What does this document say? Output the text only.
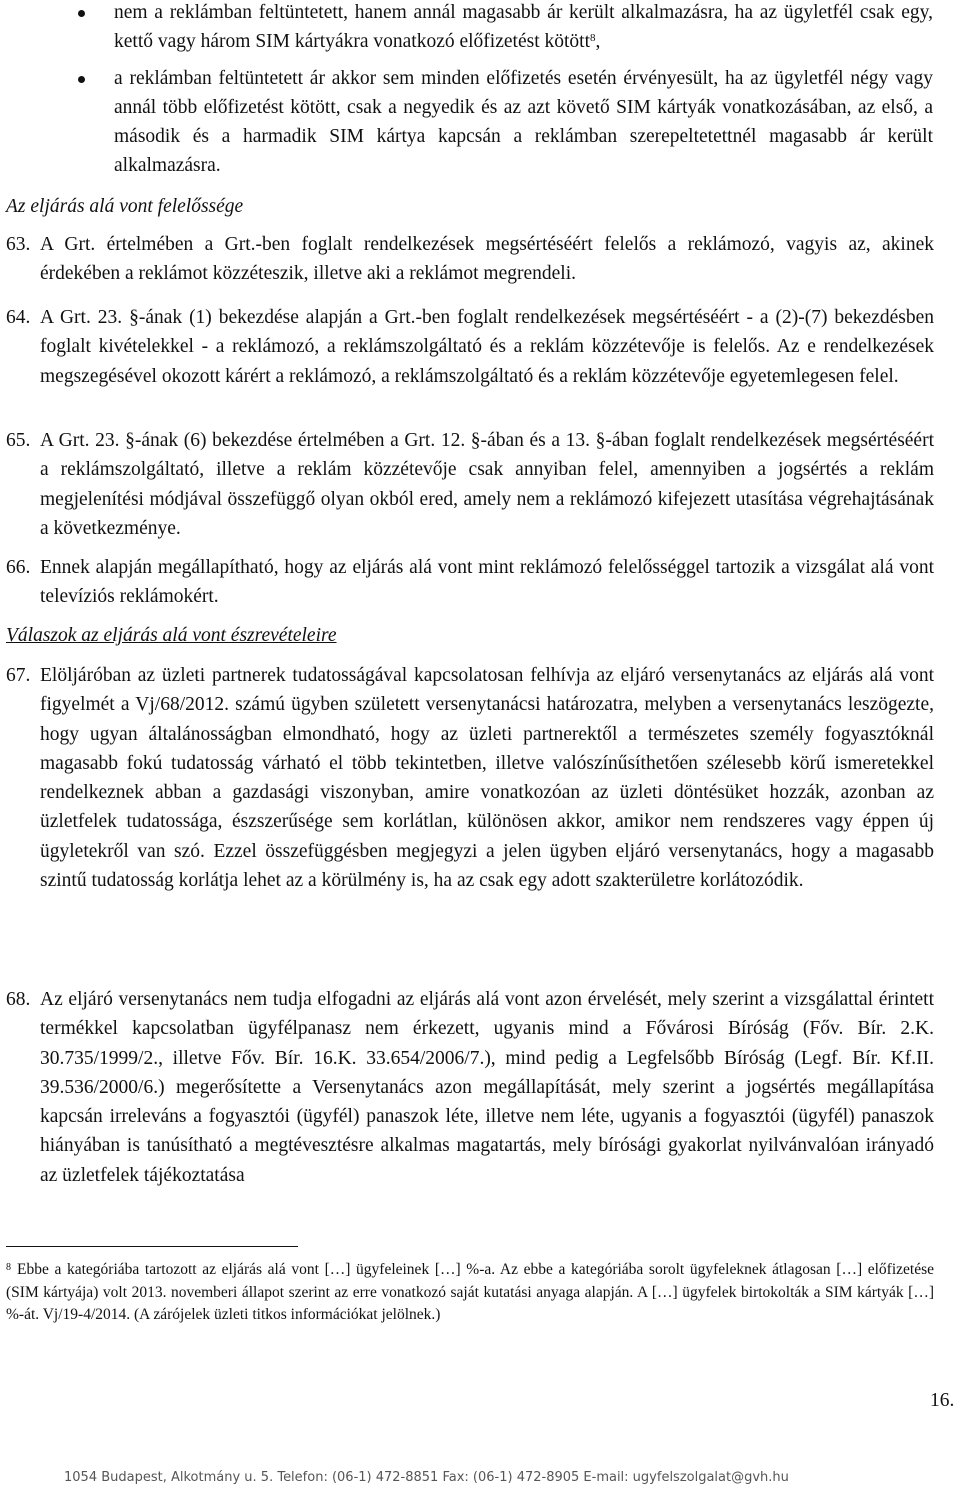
nem a reklámban feltüntetett, hanem annál magasabb ár került alkalmazásra, ha az ügyletfél csak egy, kettő vagy három SIM kártyákra vonatkozó előfizetést kötött$^8$,
a reklámban feltüntetett ár akkor sem minden előfizetés esetén érvényesült, ha az ügyletfél négy vagy annál több előfizetést kötött, csak a negyedik és az azt követő SIM kártyák vonatkozásában, az első, a második és a harmadik SIM kártya kapcsán a reklámban szerepeltetettnél magasabb ár került alkalmazásra.
Az eljárás alá vont felelőssége
63. A Grt. értelmében a Grt.-ben foglalt rendelkezések megsértéséért felelős a reklámozó, vagyis az, akinek érdekében a reklámot közzéteszik, illetve aki a reklámot megrendeli.
64. A Grt. 23. §-ának (1) bekezdése alapján a Grt.-ben foglalt rendelkezések megsértéséért - a (2)-(7) bekezdésben foglalt kivételekkel - a reklámozó, a reklámszolgáltató és a reklám közzétevője is felelős. Az e rendelkezések megszegésével okozott kárért a reklámozó, a reklámszolgáltató és a reklám közzétevője egyetemlegesen felel.
65. A Grt. 23. §-ának (6) bekezdése értelmében a Grt. 12. §-ában és a 13. §-ában foglalt rendelkezések megsértéséért a reklámszolgáltató, illetve a reklám közzétevője csak annyiban felel, amennyiben a jogsértés a reklám megjelenítési módjával összefüggő olyan okból ered, amely nem a reklámozó kifejezett utasítása végrehajtásának a következménye.
66. Ennek alapján megállapítható, hogy az eljárás alá vont mint reklámozó felelősséggel tartozik a vizsgálat alá vont televíziós reklámokért.
Válaszok az eljárás alá vont észrevételeire
67. Elöljáróban az üzleti partnerek tudatosságával kapcsolatosan felhívja az eljáró versenytanács az eljárás alá vont figyelmét a Vj/68/2012. számú ügyben született versenytanácsi határozatra, melyben a versenytanács leszögezte, hogy ugyan általánosságban elmondható, hogy az üzleti partnerektől a természetes személy fogyasztóknál magasabb fokú tudatosság várható el több tekintetben, illetve valószínűsíthetően szélesebb körű ismeretekkel rendelkeznek abban a gazdasági viszonyban, amire vonatkozóan az üzleti döntésüket hozzák, azonban az üzletfelek tudatossága, észszerűsége sem korlátlan, különösen akkor, amikor nem rendszeres vagy éppen új ügyletekről van szó. Ezzel összefüggésben megjegyzi a jelen ügyben eljáró versenytanács, hogy a magasabb szintű tudatosság korlátja lehet az a körülmény is, ha az csak egy adott szakterületre korlátozódik.
68. Az eljáró versenytanács nem tudja elfogadni az eljárás alá vont azon érvelését, mely szerint a vizsgálattal érintett termékkel kapcsolatban ügyfélpanasz nem érkezett, ugyanis mind a Fővárosi Bíróság (Főv. Bír. 2.K. 30.735/1999/2., illetve Főv. Bír. 16.K. 33.654/2006/7.), mind pedig a Legfelsőbb Bíróság (Legf. Bír. Kf.II. 39.536/2000/6.) megerősítette a Versenytanács azon megállapítását, mely szerint a jogsértés megállapítása kapcsán irreleváns a fogyasztói (ügyfél) panaszok léte, illetve nem léte, ugyanis a fogyasztói (ügyfél) panaszok hiányában is tanúsítható a megtévesztésre alkalmas magatartás, mely bírósági gyakorlat nyilvánvalóan irányadó az üzletfelek tájékoztatása
$^8$ Ebbe a kategóriába tartozott az eljárás alá vont […] ügyfeleinek […] %-a. Az ebbe a kategóriába sorolt ügyfeleknek átlagosan […] előfizetése (SIM kártyája) volt 2013. novemberi állapot szerint az erre vonatkozó saját kutatási anyaga alapján. A […] ügyfelek birtokolták a SIM kártyák […] %-át. Vj/19-4/2014. (A zárójelek üzleti titkos információkat jelölnek.)
16.
1054 Budapest, Alkotmány u. 5. Telefon: (06-1) 472-8851 Fax: (06-1) 472-8905 E-mail: ugyfelszolgalat@gvh.hu
